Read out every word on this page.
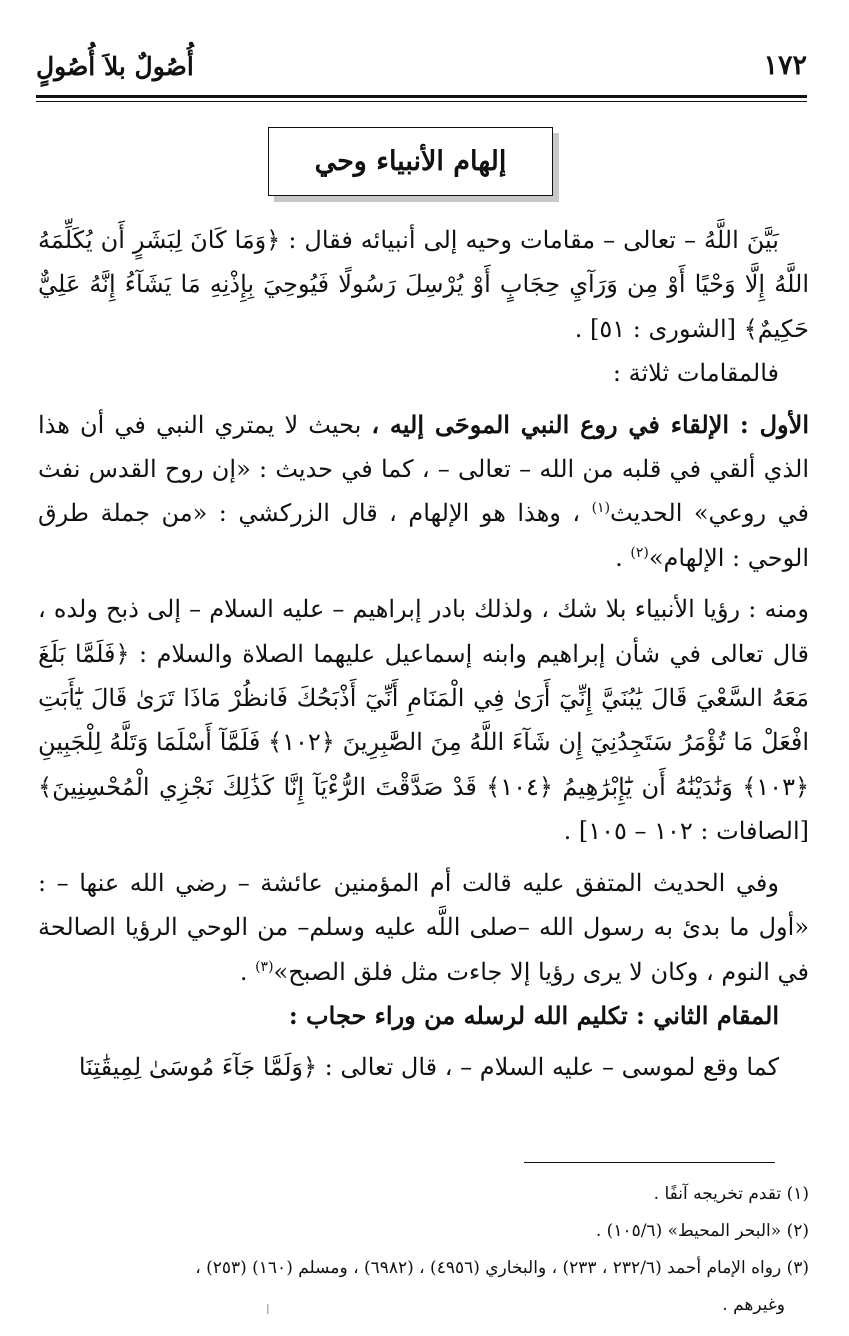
١٧٢
أُصُولٌ بلاَ أُصُولٍ
إلهام الأنبياء وحي

بَيَّنَ اللَّهُ – تعالى – مقامات وحيه إلى أنبيائه فقال : ﴿وَمَا كَانَ لِبَشَرٍ أَن يُكَلِّمَهُ اللَّهُ إِلَّا وَحْيًا أَوْ مِن وَرَآيِ حِجَابٍ أَوْ يُرْسِلَ رَسُولًا فَيُوحِيَ بِإِذْنِهِ مَا يَشَآءُ إِنَّهُ عَلِيٌّ حَكِيمٌ﴾ [الشورى : ٥١] .

فالمقامات ثلاثة :

الأول : الإلقاء في روع النبي الموحَى إليه ، بحيث لا يمتري النبي في أن هذا الذي ألقي في قلبه من الله – تعالى – ، كما في حديث : «إن روح القدس نفث في روعي» الحديث$^{(١)}$ ، وهذا هو الإلهام ، قال الزركشي : «من جملة طرق الوحي : الإلهام»$^{(٢)}$ .

ومنه : رؤيا الأنبياء بلا شك ، ولذلك بادر إبراهيم – عليه السلام – إلى ذبح ولده ، قال تعالى في شأن إبراهيم وابنه إسماعيل عليهما الصلاة والسلام : ﴿فَلَمَّا بَلَغَ مَعَهُ السَّعْيَ قَالَ يَٰبُنَيَّ إِنِّيٓ أَرَىٰ فِي الْمَنَامِ أَنِّيٓ أَذْبَحُكَ فَانظُرْ مَاذَا تَرَىٰ قَالَ يَٰٓأَبَتِ افْعَلْ مَا تُؤْمَرُ سَتَجِدُنِيٓ إِن شَآءَ اللَّهُ مِنَ الصَّٰبِرِينَ ﴿١٠٢﴾ فَلَمَّآ أَسْلَمَا وَتَلَّهُ لِلْجَبِينِ ﴿١٠٣﴾ وَنَٰدَيْنَٰهُ أَن يَٰٓإِبْرَٰهِيمُ ﴿١٠٤﴾ قَدْ صَدَّقْتَ الرُّءْيَآ إِنَّا كَذَٰلِكَ نَجْزِي الْمُحْسِنِينَ﴾ [الصافات : ١٠٢ – ١٠٥] .

وفي الحديث المتفق عليه قالت أم المؤمنين عائشة – رضي الله عنها – : «أول ما بدئ به رسول الله –صلى اللَّه عليه وسلم– من الوحي الرؤيا الصالحة في النوم ، وكان لا يرى رؤيا إلا جاءت مثل فلق الصبح»$^{(٣)}$ .

المقام الثاني : تكليم الله لرسله من وراء حجاب :

كما وقع لموسى – عليه السلام – ، قال تعالى : ﴿وَلَمَّا جَآءَ مُوسَىٰ لِمِيقَٰتِنَا

(١) تقدم تخريجه آنفًا .
(٢) «البحر المحيط» (١٠٥/٦) .
(٣) رواه الإمام أحمد (٢٣٢/٦ ، ٢٣٣) ، والبخاري (٤٩٥٦) ، (٦٩٨٢) ، ومسلم (١٦٠) (٢٥٣) ،
وغيرهم .
ا
